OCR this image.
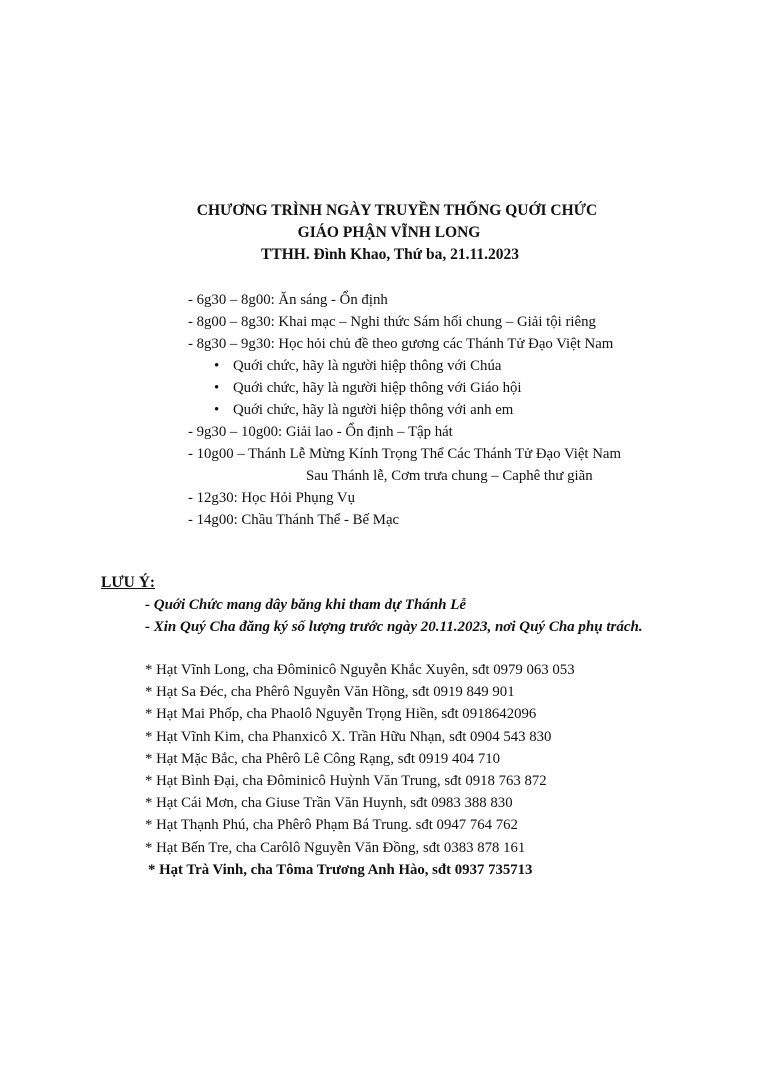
CHƯƠNG TRÌNH NGÀY TRUYỀN THỐNG QUỚI CHỨC
GIÁO PHẬN VĨNH LONG
TTHH. Đình Khao, Thứ ba, 21.11.2023
- 6g30 – 8g00: Ăn sáng - Ổn định
- 8g00 – 8g30: Khai mạc – Nghi thức Sám hối chung – Giải tội riêng
- 8g30 – 9g30: Học hỏi chủ đề theo gương các Thánh Tử Đạo Việt Nam
• Quới chức, hãy là người hiệp thông với Chúa
• Quới chức, hãy là người hiệp thông với Giáo hội
• Quới chức, hãy là người hiệp thông với anh em
- 9g30 – 10g00: Giải lao - Ổn định – Tập hát
- 10g00 – Thánh Lễ Mừng Kính Trọng Thể Các Thánh Tử Đạo Việt Nam
Sau Thánh lễ, Cơm trưa chung – Caphê thư giãn
- 12g30: Học Hỏi Phụng Vụ
- 14g00: Chầu Thánh Thể - Bế Mạc
LƯU Ý:
- Quới Chức mang dây băng khi tham dự Thánh Lễ
- Xin Quý Cha đăng ký số lượng trước ngày 20.11.2023, nơi Quý Cha phụ trách.
* Hạt Vĩnh Long, cha Đôminicô Nguyễn Khắc Xuyên, sđt 0979 063 053
* Hạt Sa Đéc, cha Phêrô Nguyễn Văn Hồng, sđt 0919 849 901
* Hạt Mai Phốp, cha Phaolô Nguyễn Trọng Hiền, sđt 0918642096
* Hạt Vĩnh Kim, cha Phanxicô X. Trần Hữu Nhạn, sđt 0904 543 830
* Hạt Mặc Bắc, cha Phêrô Lê Công Rạng, sđt 0919 404 710
* Hạt Bình Đại, cha Đôminicô Huỳnh Văn Trung, sđt 0918 763 872
* Hạt Cái Mơn, cha Giuse Trần Văn Huynh, sđt 0983 388 830
* Hạt Thạnh Phú, cha Phêrô Phạm Bá Trung. sđt 0947 764 762
* Hạt Bến Tre, cha Carôlô Nguyễn Văn Đồng, sđt 0383 878 161
* Hạt Trà Vinh, cha Tôma Trương Anh Hào, sđt 0937 735713
